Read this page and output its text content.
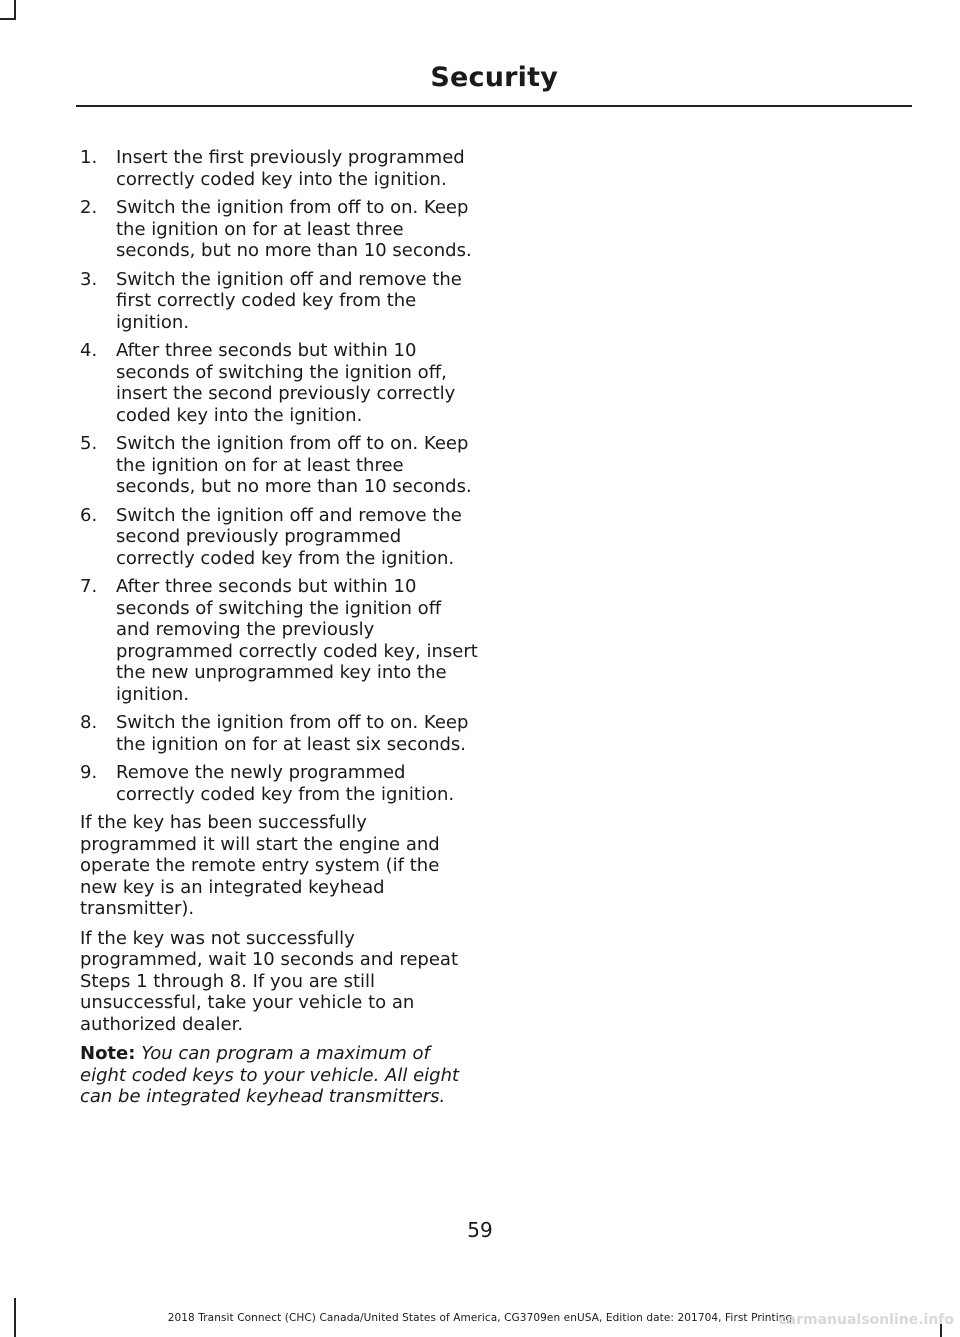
Security
1. Insert the first previously programmed correctly coded key into the ignition.
2. Switch the ignition from off to on. Keep the ignition on for at least three seconds, but no more than 10 seconds.
3. Switch the ignition off and remove the first correctly coded key from the ignition.
4. After three seconds but within 10 seconds of switching the ignition off, insert the second previously correctly coded key into the ignition.
5. Switch the ignition from off to on. Keep the ignition on for at least three seconds, but no more than 10 seconds.
6. Switch the ignition off and remove the second previously programmed correctly coded key from the ignition.
7. After three seconds but within 10 seconds of switching the ignition off and removing the previously programmed correctly coded key, insert the new unprogrammed key into the ignition.
8. Switch the ignition from off to on. Keep the ignition on for at least six seconds.
9. Remove the newly programmed correctly coded key from the ignition.

If the key has been successfully programmed it will start the engine and operate the remote entry system (if the new key is an integrated keyhead transmitter).

If the key was not successfully programmed, wait 10 seconds and repeat Steps 1 through 8. If you are still unsuccessful, take your vehicle to an authorized dealer.

Note: You can program a maximum of eight coded keys to your vehicle. All eight can be integrated keyhead transmitters.

59
2018 Transit Connect (CHC) Canada/United States of America, CG3709en enUSA, Edition date: 201704, First Printing
carmanualsonline.info
